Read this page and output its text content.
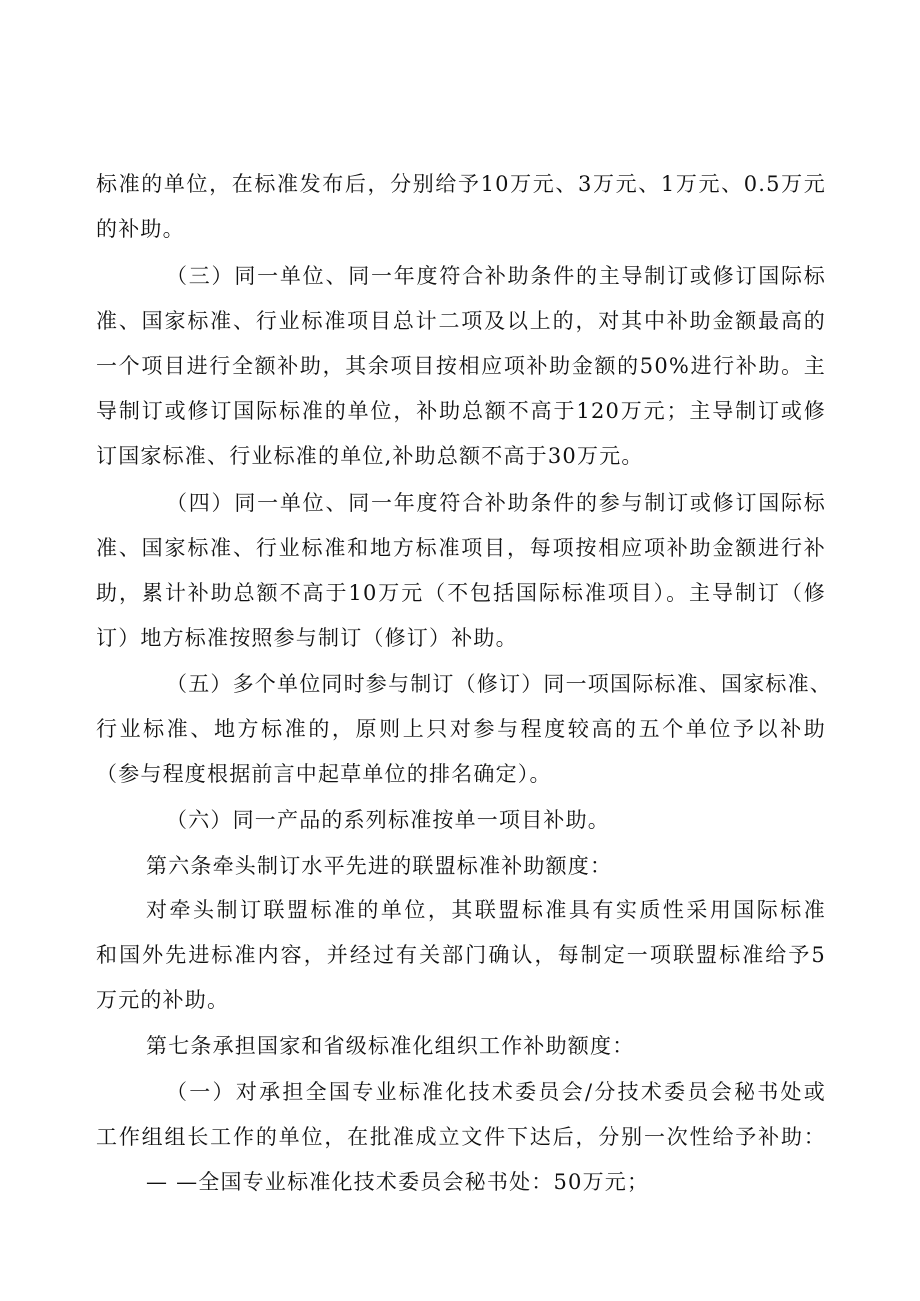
标准的单位，在标准发布后，分别给予10万元、3万元、1万元、0.5万元
的补助。
（三）同一单位、同一年度符合补助条件的主导制订或修订国际标
准、国家标准、行业标准项目总计二项及以上的，对其中补助金额最高的
一个项目进行全额补助，其余项目按相应项补助金额的50%进行补助。主
导制订或修订国际标准的单位，补助总额不高于120万元；主导制订或修
订国家标准、行业标准的单位,补助总额不高于30万元。
（四）同一单位、同一年度符合补助条件的参与制订或修订国际标
准、国家标准、行业标准和地方标准项目，每项按相应项补助金额进行补
助，累计补助总额不高于10万元（不包括国际标准项目）。主导制订（修
订）地方标准按照参与制订（修订）补助。
（五）多个单位同时参与制订（修订）同一项国际标准、国家标准、
行业标准、地方标准的，原则上只对参与程度较高的五个单位予以补助
（参与程度根据前言中起草单位的排名确定）。
（六）同一产品的系列标准按单一项目补助。
第六条牵头制订水平先进的联盟标准补助额度：
对牵头制订联盟标准的单位，其联盟标准具有实质性采用国际标准
和国外先进标准内容，并经过有关部门确认，每制定一项联盟标准给予5
万元的补助。
第七条承担国家和省级标准化组织工作补助额度：
（一）对承担全国专业标准化技术委员会/分技术委员会秘书处或
工作组组长工作的单位，在批准成立文件下达后，分别一次性给予补助：
— —全国专业标准化技术委员会秘书处：50万元；
